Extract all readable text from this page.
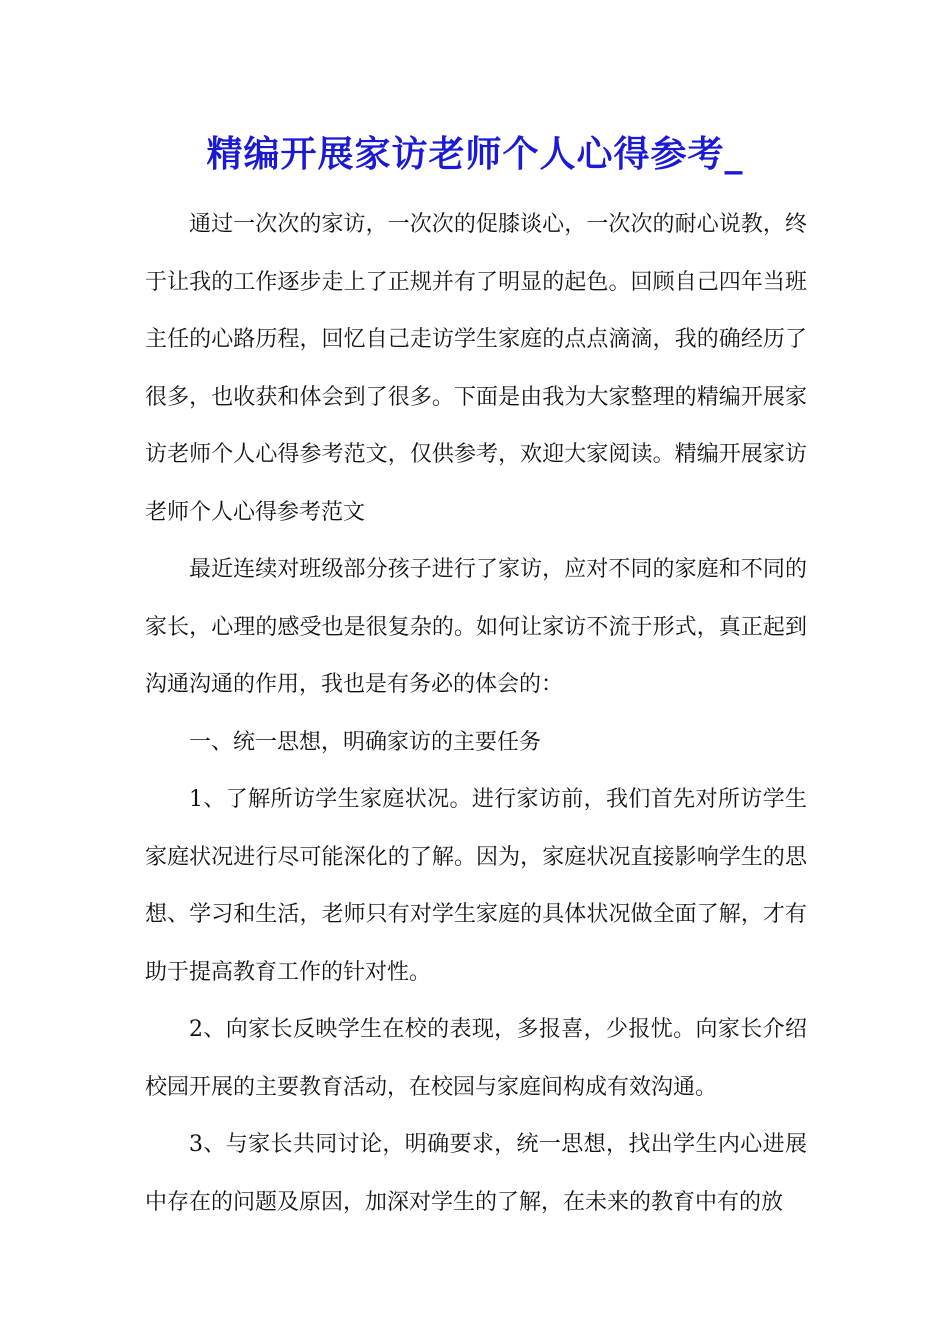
精编开展家访老师个人心得参考_

通过一次次的家访，一次次的促膝谈心，一次次的耐心说教，终于让我的工作逐步走上了正规并有了明显的起色。回顾自己四年当班主任的心路历程，回忆自己走访学生家庭的点点滴滴，我的确经历了很多，也收获和体会到了很多。下面是由我为大家整理的精编开展家访老师个人心得参考范文，仅供参考，欢迎大家阅读。精编开展家访老师个人心得参考范文

最近连续对班级部分孩子进行了家访，应对不同的家庭和不同的家长，心理的感受也是很复杂的。如何让家访不流于形式，真正起到沟通沟通的作用，我也是有务必的体会的：

一、统一思想，明确家访的主要任务

1、了解所访学生家庭状况。进行家访前，我们首先对所访学生家庭状况进行尽可能深化的了解。因为，家庭状况直接影响学生的思想、学习和生活，老师只有对学生家庭的具体状况做全面了解，才有助于提高教育工作的针对性。

2、向家长反映学生在校的表现，多报喜，少报忧。向家长介绍校园开展的主要教育活动，在校园与家庭间构成有效沟通。

3、与家长共同讨论，明确要求，统一思想，找出学生内心进展中存在的问题及原因，加深对学生的了解，在未来的教育中有的放
